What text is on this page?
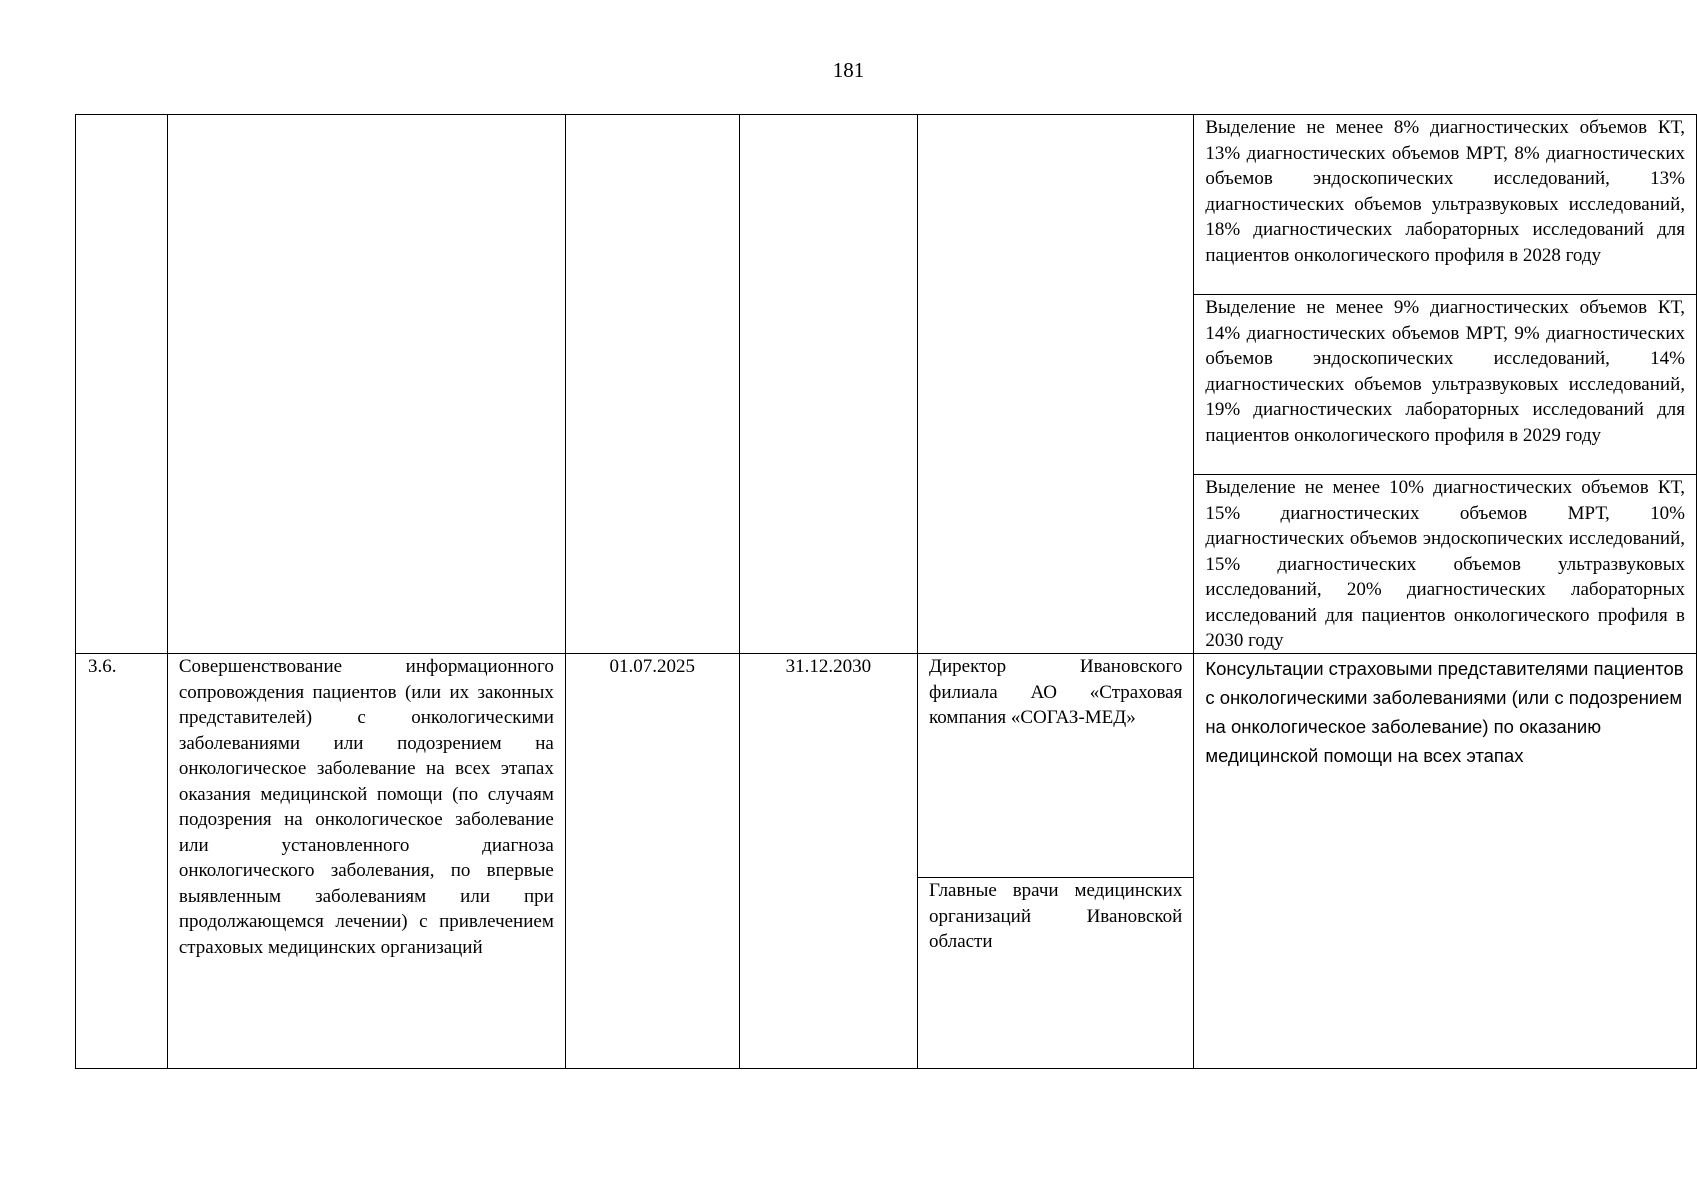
181

					Выделение не менее 8% диагностических объемов КТ, 13% диагностических объемов МРТ, 8% диагностических объемов эндоскопических исследований, 13% диагностических объемов ультразвуковых исследований, 18% диагностических лабораторных исследований для пациентов онкологического профиля в 2028 году

					Выделение не менее 9% диагностических объемов КТ, 14% диагностических объемов МРТ, 9% диагностических объемов эндоскопических исследований, 14% диагностических объемов ультразвуковых исследований, 19% диагностических лабораторных исследований для пациентов онкологического профиля в 2029 году

					Выделение не менее 10% диагностических объемов КТ, 15% диагностических объемов МРТ, 10% диагностических объемов эндоскопических исследований, 15% диагностических объемов ультразвуковых исследований, 20% диагностических лабораторных исследований для пациентов онкологического профиля в 2030 году

3.6.	Совершенствование информационного сопровождения пациентов (или их законных представителей) с онкологическими заболеваниями или подозрением на онкологическое заболевание на всех этапах оказания медицинской помощи (по случаям подозрения на онкологическое заболевание или установленного диагноза онкологического заболевания, по впервые выявленным заболеваниям или при продолжающемся лечении) с привлечением страховых медицинских организаций	01.07.2025	31.12.2030	Директор Ивановского филиала АО «Страховая компания «СОГАЗ-МЕД»	Консультации страховыми представителями пациентов с онкологическими заболеваниями (или с подозрением на онкологическое заболевание) по оказанию медицинской помощи на всех этапах

				Главные врачи медицинских организаций Ивановской области	
